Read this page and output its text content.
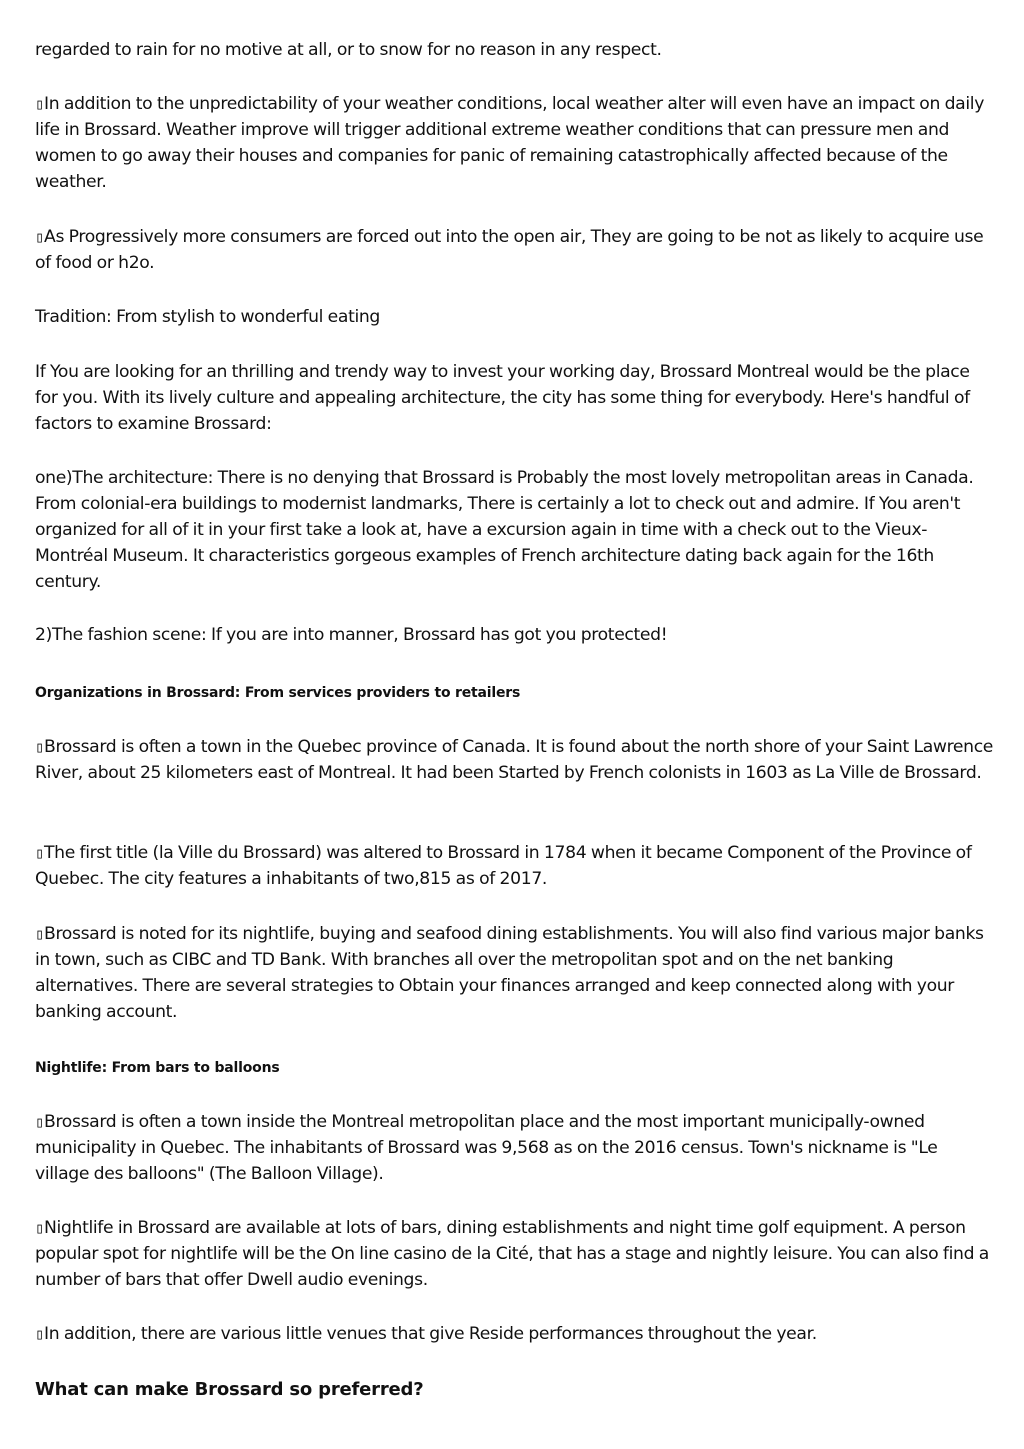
regarded to rain for no motive at all, or to snow for no reason in any respect.

▯In addition to the unpredictability of your weather conditions, local weather alter will even have an impact on daily life in Brossard. Weather improve will trigger additional extreme weather conditions that can pressure men and women to go away their houses and companies for panic of remaining catastrophically affected because of the weather.

▯As Progressively more consumers are forced out into the open air, They are going to be not as likely to acquire use of food or h2o.

Tradition: From stylish to wonderful eating

If You are looking for an thrilling and trendy way to invest your working day, Brossard Montreal would be the place for you. With its lively culture and appealing architecture, the city has some thing for everybody. Here's handful of factors to examine Brossard:

one)The architecture: There is no denying that Brossard is Probably the most lovely metropolitan areas in Canada. From colonial-era buildings to modernist landmarks, There is certainly a lot to check out and admire. If You aren't organized for all of it in your first take a look at, have a excursion again in time with a check out to the Vieux-Montréal Museum. It characteristics gorgeous examples of French architecture dating back again for the 16th century.

2)The fashion scene: If you are into manner, Brossard has got you protected!

Organizations in Brossard: From services providers to retailers

▯Brossard is often a town in the Quebec province of Canada. It is found about the north shore of your Saint Lawrence River, about 25 kilometers east of Montreal. It had been Started by French colonists in 1603 as La Ville de Brossard.

▯The first title (la Ville du Brossard) was altered to Brossard in 1784 when it became Component of the Province of Quebec. The city features a inhabitants of two,815 as of 2017.

▯Brossard is noted for its nightlife, buying and seafood dining establishments. You will also find various major banks in town, such as CIBC and TD Bank. With branches all over the metropolitan spot and on the net banking alternatives. There are several strategies to Obtain your finances arranged and keep connected along with your banking account.

Nightlife: From bars to balloons

▯Brossard is often a town inside the Montreal metropolitan place and the most important municipally-owned municipality in Quebec. The inhabitants of Brossard was 9,568 as on the 2016 census. Town's nickname is "Le village des balloons" (The Balloon Village).

▯Nightlife in Brossard are available at lots of bars, dining establishments and night time golf equipment. A person popular spot for nightlife will be the On line casino de la Cité, that has a stage and nightly leisure. You can also find a number of bars that offer Dwell audio evenings.

▯In addition, there are various little venues that give Reside performances throughout the year.

What can make Brossard so preferred?
